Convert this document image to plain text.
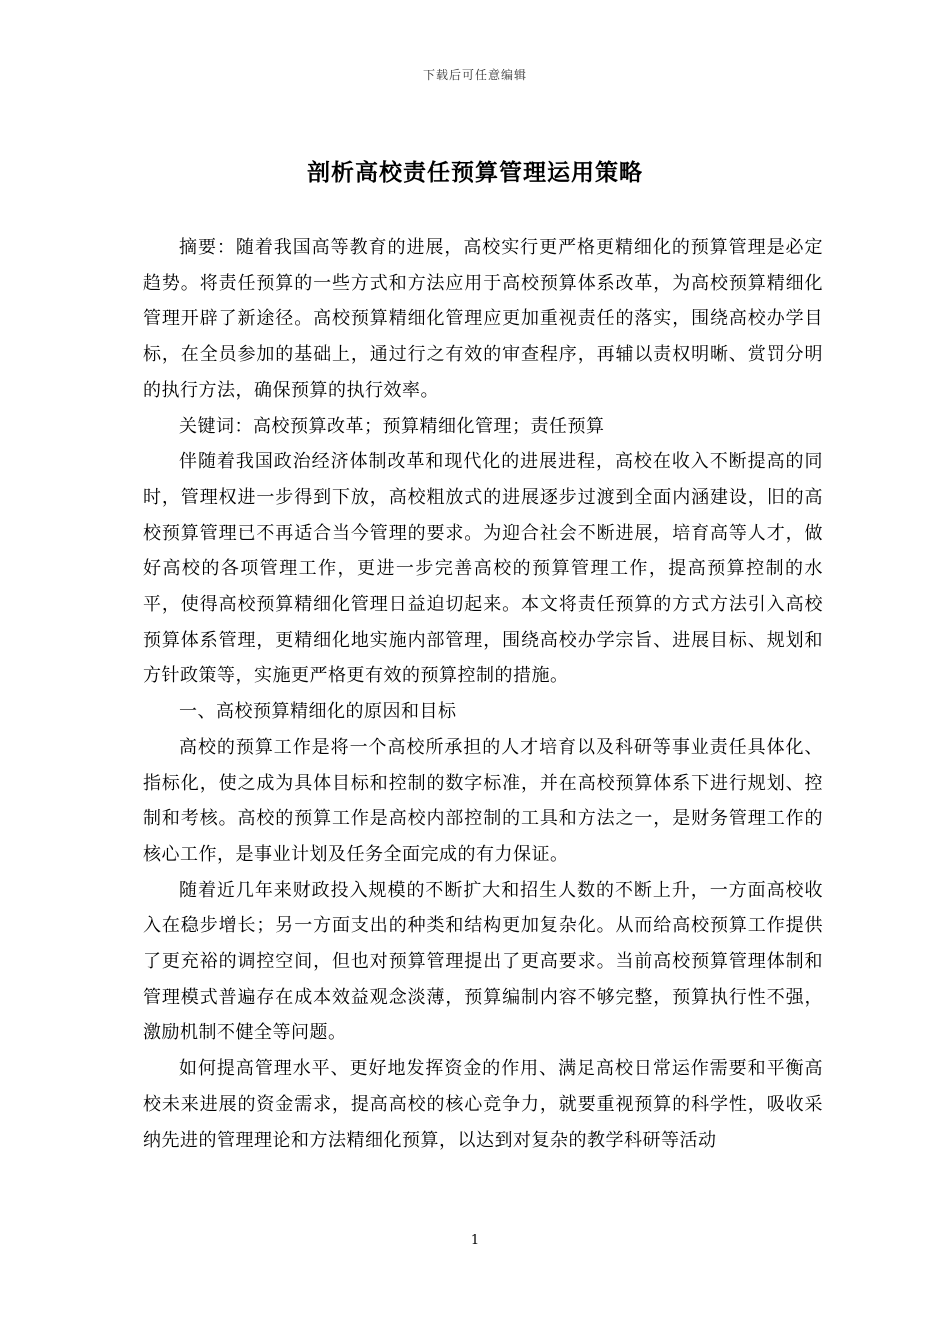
下载后可任意编辑
剖析高校责任预算管理运用策略

摘要：随着我国高等教育的进展，高校实行更严格更精细化的预算管理是必定趋势。将责任预算的一些方式和方法应用于高校预算体系改革，为高校预算精细化管理开辟了新途径。高校预算精细化管理应更加重视责任的落实，围绕高校办学目标，在全员参加的基础上，通过行之有效的审查程序，再辅以责权明晰、赏罚分明的执行方法，确保预算的执行效率。

关键词：高校预算改革；预算精细化管理；责任预算

伴随着我国政治经济体制改革和现代化的进展进程，高校在收入不断提高的同时，管理权进一步得到下放，高校粗放式的进展逐步过渡到全面内涵建设，旧的高校预算管理已不再适合当今管理的要求。为迎合社会不断进展，培育高等人才，做好高校的各项管理工作，更进一步完善高校的预算管理工作，提高预算控制的水平，使得高校预算精细化管理日益迫切起来。本文将责任预算的方式方法引入高校预算体系管理，更精细化地实施内部管理，围绕高校办学宗旨、进展目标、规划和方针政策等，实施更严格更有效的预算控制的措施。

一、高校预算精细化的原因和目标

高校的预算工作是将一个高校所承担的人才培育以及科研等事业责任具体化、指标化，使之成为具体目标和控制的数字标准，并在高校预算体系下进行规划、控制和考核。高校的预算工作是高校内部控制的工具和方法之一，是财务管理工作的核心工作，是事业计划及任务全面完成的有力保证。

随着近几年来财政投入规模的不断扩大和招生人数的不断上升，一方面高校收入在稳步增长；另一方面支出的种类和结构更加复杂化。从而给高校预算工作提供了更充裕的调控空间，但也对预算管理提出了更高要求。当前高校预算管理体制和管理模式普遍存在成本效益观念淡薄，预算编制内容不够完整，预算执行性不强，激励机制不健全等问题。

如何提高管理水平、更好地发挥资金的作用、满足高校日常运作需要和平衡高校未来进展的资金需求，提高高校的核心竞争力，就要重视预算的科学性，吸收采纳先进的管理理论和方法精细化预算，以达到对复杂的教学科研等活动

1
